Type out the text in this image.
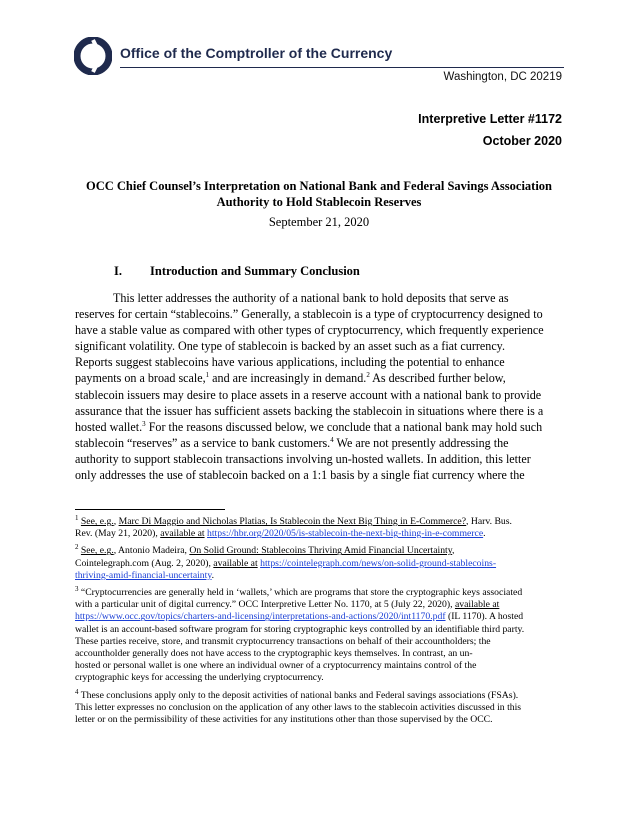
Office of the Comptroller of the Currency
Washington, DC 20219
Interpretive Letter #1172
October 2020
OCC Chief Counsel’s Interpretation on National Bank and Federal Savings Association
Authority to Hold Stablecoin Reserves
September 21, 2020
I. Introduction and Summary Conclusion
This letter addresses the authority of a national bank to hold deposits that serve as
reserves for certain “stablecoins.” Generally, a stablecoin is a type of cryptocurrency designed to
have a stable value as compared with other types of cryptocurrency, which frequently experience
significant volatility. One type of stablecoin is backed by an asset such as a fiat currency.
Reports suggest stablecoins have various applications, including the potential to enhance
payments on a broad scale,$^1$ and are increasingly in demand.$^2$ As described further below,
stablecoin issuers may desire to place assets in a reserve account with a national bank to provide
assurance that the issuer has sufficient assets backing the stablecoin in situations where there is a
hosted wallet.$^3$ For the reasons discussed below, we conclude that a national bank may hold such
stablecoin “reserves” as a service to bank customers.$^4$ We are not presently addressing the
authority to support stablecoin transactions involving un-hosted wallets. In addition, this letter
only addresses the use of stablecoin backed on a 1:1 basis by a single fiat currency where the
$^1$ See, e.g., Marc Di Maggio and Nicholas Platias, Is Stablecoin the Next Big Thing in E-Commerce?, Harv. Bus.
Rev. (May 21, 2020), available at https://hbr.org/2020/05/is-stablecoin-the-next-big-thing-in-e-commerce.
$^2$ See, e.g., Antonio Madeira, On Solid Ground: Stablecoins Thriving Amid Financial Uncertainty,
Cointelegraph.com (Aug. 2, 2020), available at https://cointelegraph.com/news/on-solid-ground-stablecoins-
thriving-amid-financial-uncertainty.
$^3$ “Cryptocurrencies are generally held in ‘wallets,’ which are programs that store the cryptographic keys associated
with a particular unit of digital currency.” OCC Interpretive Letter No. 1170, at 5 (July 22, 2020), available at
https://www.occ.gov/topics/charters-and-licensing/interpretations-and-actions/2020/int1170.pdf (IL 1170). A hosted
wallet is an account-based software program for storing cryptographic keys controlled by an identifiable third party.
These parties receive, store, and transmit cryptocurrency transactions on behalf of their accountholders; the
accountholder generally does not have access to the cryptographic keys themselves. In contrast, an un-
hosted or personal wallet is one where an individual owner of a cryptocurrency maintains control of the
cryptographic keys for accessing the underlying cryptocurrency.
$^4$ These conclusions apply only to the deposit activities of national banks and Federal savings associations (FSAs).
This letter expresses no conclusion on the application of any other laws to the stablecoin activities discussed in this
letter or on the permissibility of these activities for any institutions other than those supervised by the OCC.
